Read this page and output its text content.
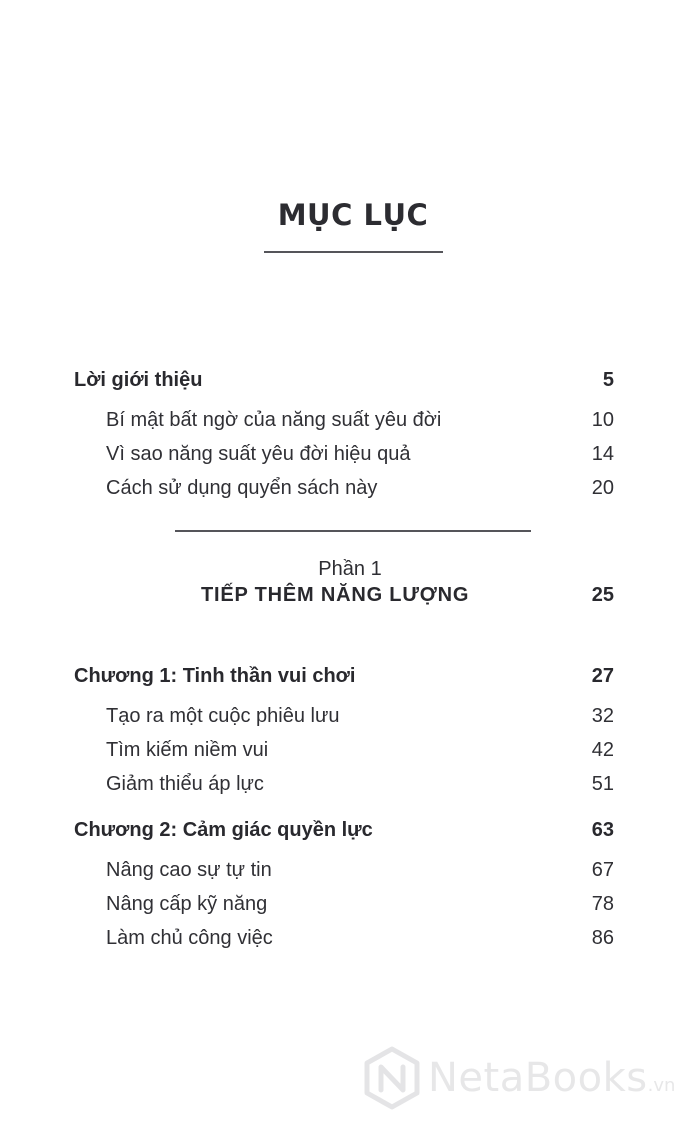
MỤC LỤC
Lời giới thiệu	5
Bí mật bất ngờ của năng suất yêu đời	10
Vì sao năng suất yêu đời hiệu quả	14
Cách sử dụng quyển sách này	20
Phần 1
TIẾP THÊM NĂNG LƯỢNG	25
Chương 1: Tinh thần vui chơi	27
Tạo ra một cuộc phiêu lưu	32
Tìm kiếm niềm vui	42
Giảm thiểu áp lực	51
Chương 2: Cảm giác quyền lực	63
Nâng cao sự tự tin	67
Nâng cấp kỹ năng	78
Làm chủ công việc	86
NetaBooks.vn
